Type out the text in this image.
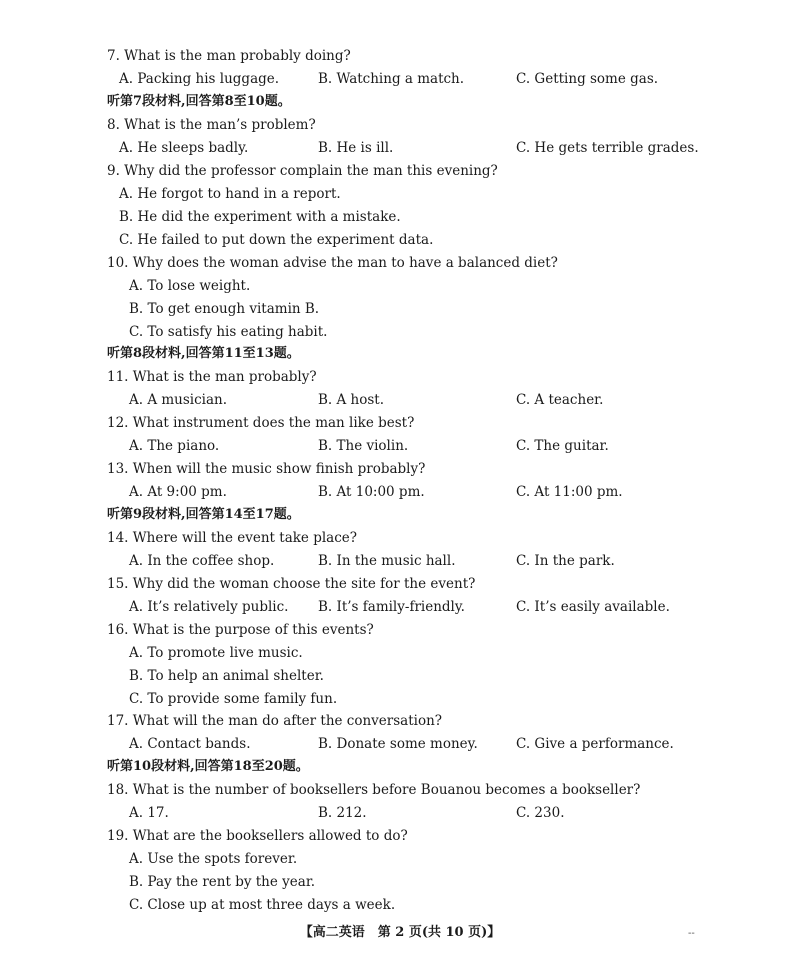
7. What is the man probably doing?
A. Packing his luggage.	B. Watching a match.	C. Getting some gas.
听第7段材料,回答第8至10题。
8. What is the man’s problem?
A. He sleeps badly.	B. He is ill.	C. He gets terrible grades.
9. Why did the professor complain the man this evening?
A. He forgot to hand in a report.
B. He did the experiment with a mistake.
C. He failed to put down the experiment data.
10. Why does the woman advise the man to have a balanced diet?
A. To lose weight.
B. To get enough vitamin B.
C. To satisfy his eating habit.
听第8段材料,回答第11至13题。
11. What is the man probably?
A. A musician.	B. A host.	C. A teacher.
12. What instrument does the man like best?
A. The piano.	B. The violin.	C. The guitar.
13. When will the music show finish probably?
A. At 9:00 pm.	B. At 10:00 pm.	C. At 11:00 pm.
听第9段材料,回答第14至17题。
14. Where will the event take place?
A. In the coffee shop.	B. In the music hall.	C. In the park.
15. Why did the woman choose the site for the event?
A. It’s relatively public. B. It’s family-friendly.	C. It’s easily available.
16. What is the purpose of this events?
A. To promote live music.
B. To help an animal shelter.
C. To provide some family fun.
17. What will the man do after the conversation?
A. Contact bands.	B. Donate some money.	C. Give a performance.
听第10段材料,回答第18至20题。
18. What is the number of booksellers before Bouanou becomes a bookseller?
A. 17.	B. 212.	C. 230.
19. What are the booksellers allowed to do?
A. Use the spots forever.
B. Pay the rent by the year.
C. Close up at most three days a week.
【高二英语　第 2 页(共 10 页)】	--
